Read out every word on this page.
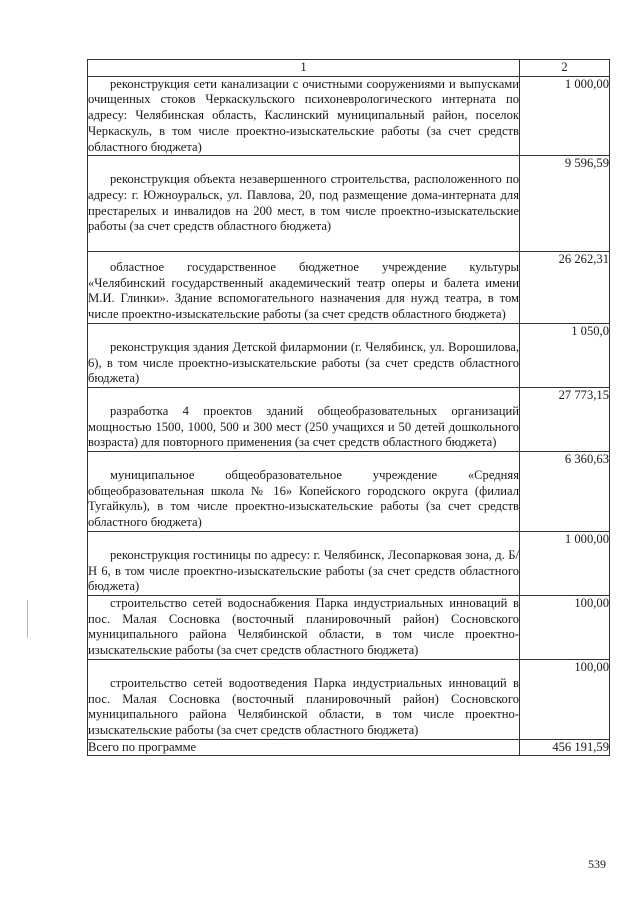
1	2

реконструкция сети канализации с очистными сооружениями и выпусками очищенных стоков Черкаскульского психоневрологического интерната по адресу: Челябинская область, Каслинский муниципальный район, поселок Черкаскуль, в том числе проектно-изыскательские работы (за счет средств областного бюджета)	1 000,00

реконструкция объекта незавершенного строительства, расположенного по адресу: г. Южноуральск, ул. Павлова, 20, под размещение дома-интерната для престарелых и инвалидов на 200 мест, в том числе проектно-изыскательские работы (за счет средств областного бюджета)	9 596,59

областное государственное бюджетное учреждение культуры «Челябинский государственный академический театр оперы и балета имени М.И. Глинки». Здание вспомогательного назначения для нужд театра, в том числе проектно-изыскательские работы (за счет средств областного бюджета)	26 262,31

реконструкция здания Детской филармонии (г. Челябинск, ул. Ворошилова, 6), в том числе проектно-изыскательские работы (за счет средств областного бюджета)	1 050,0

разработка 4 проектов зданий общеобразовательных организаций мощностью 1500, 1000, 500 и 300 мест (250 учащихся и 50 детей дошкольного возраста) для повторного применения (за счет средств областного бюджета)	27 773,15

муниципальное общеобразовательное учреждение «Средняя общеобразовательная школа № 16» Копейского городского округа (филиал Тугайкуль), в том числе проектно-изыскательские работы (за счет средств областного бюджета)	6 360,63

реконструкция гостиницы по адресу: г. Челябинск, Лесопарковая зона, д. Б/Н 6, в том числе проектно-изыскательские работы (за счет средств областного бюджета)	1 000,00

строительство сетей водоснабжения Парка индустриальных инноваций в пос. Малая Сосновка (восточный планировочный район) Сосновского муниципального района Челябинской области, в том числе проектно-изыскательские работы (за счет средств областного бюджета)	100,00

строительство сетей водоотведения Парка индустриальных инноваций в пос. Малая Сосновка (восточный планировочный район) Сосновского муниципального района Челябинской области, в том числе проектно-изыскательские работы (за счет средств областного бюджета)	100,00
Всего по программе	456 191,59
539
